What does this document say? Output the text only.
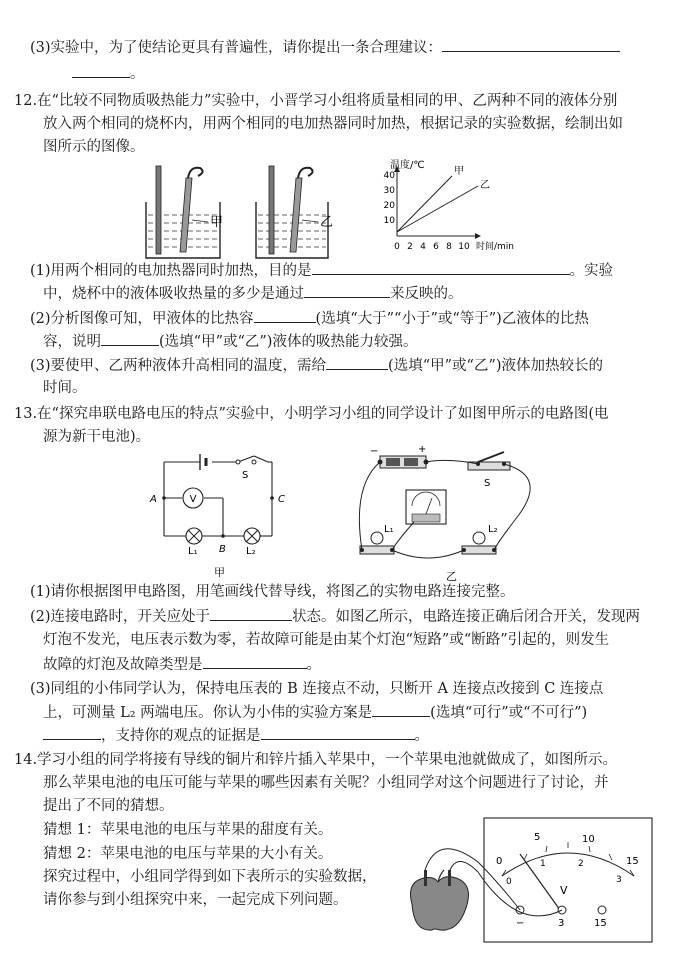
(3)实验中，为了使结论更具有普遍性，请你提出一条合理建议：
。
12.在“比较不同物质吸热能力”实验中，小晋学习小组将质量相同的甲、乙两种不同的液体分别
放入两个相同的烧杯内，用两个相同的电加热器同时加热，根据记录的实验数据，绘制出如
图所示的图像。
甲	乙
温度/℃
10
20
30
40
0 2 4 6 8 10 时间/min
甲
乙
(1)用两个相同的电加热器同时加热，目的是	。实验
中，烧杯中的液体吸收热量的多少是通过	来反映的。
(2)分析图像可知，甲液体的比热容	(选填“大于”“小于”或“等于”)乙液体的比热
容，说明	(选填“甲”或“乙”)液体的吸热能力较强。
(3)要使甲、乙两种液体升高相同的温度，需给	(选填“甲”或“乙”)液体加热较长的
时间。
13.在“探究串联电路电压的特点”实验中，小明学习小组的同学设计了如图甲所示的电路图(电
源为新干电池)。
V
S
A	C
B
L₁	L₂
甲
−	+
S
L₁	L₂
乙
(1)请你根据图甲电路图，用笔画线代替导线，将图乙的实物电路连接完整。
(2)连接电路时，开关应处于	状态。如图乙所示，电路连接正确后闭合开关，发现两
灯泡不发光，电压表示数为零，若故障可能是由某个灯泡“短路”或“断路”引起的，则发生
故障的灯泡及故障类型是	。
(3)同组的小伟同学认为，保持电压表的 B 连接点不动，只断开 A 连接点改接到 C 连接点
上，可测量 L₂ 两端电压。你认为小伟的实验方案是	(选填“可行”或“不可行”)
，支持你的观点的证据是	。
14.学习小组的同学将接有导线的铜片和锌片插入苹果中，一个苹果电池就做成了，如图所示。
那么苹果电池的电压可能与苹果的哪些因素有关呢？小组同学对这个问题进行了讨论，并
提出了不同的猜想。
猜想 1：苹果电池的电压与苹果的甜度有关。
猜想 2：苹果电池的电压与苹果的大小有关。
探究过程中，小组同学得到如下表所示的实验数据，
请你参与到小组探究中来，一起完成下列问题。
0
5	10
15
0
1	2
3
V
−	3	15
